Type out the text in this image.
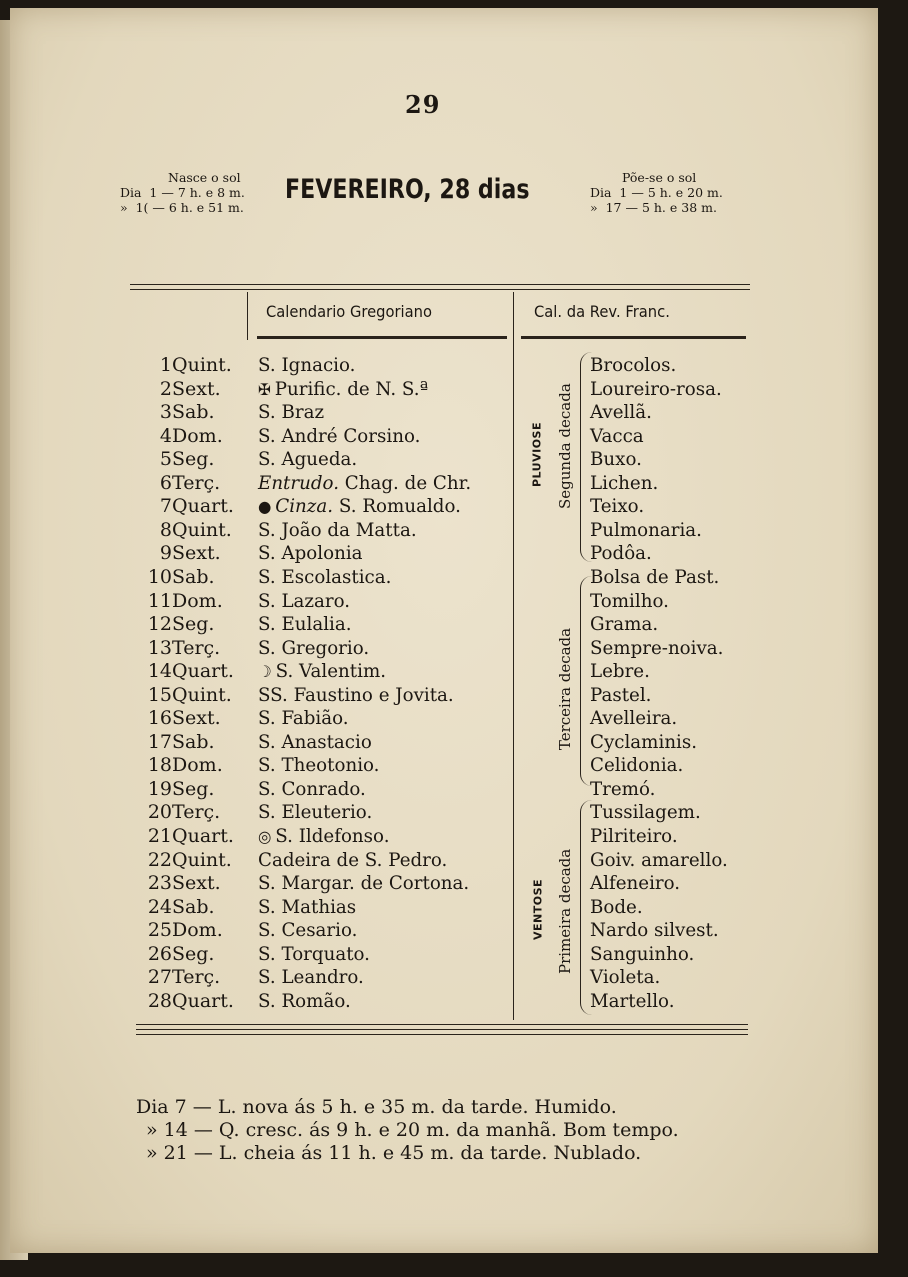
29
Nasce o sol
Dia  1 — 7 h. e 8 m.
»  1( — 6 h. e 51 m.
FEVEREIRO, 28 dias	Põe-se o sol
Dia  1 — 5 h. e 20 m.
»  17 — 5 h. e 38 m.
Calendario Gregoriano	Cal. da Rev. Franc.
1 Quint. S. Ignacio.	Brocolos.
2 Sext. ✠ Purific. de N. S.ª	Loureiro-rosa.
3 Sab. S. Braz	Avellã.
4 Dom. S. André Corsino.	Vacca
5 Seg. S. Agueda.	Buxo.
6 Terç. Entrudo. Chag. de Chr.	Lichen.
7 Quart. ● Cinza. S. Romualdo.	Teixo.
8 Quint. S. João da Matta.	Pulmonaria.
9 Sext. S. Apolonia	Podôa.
10 Sab. S. Escolastica.	Bolsa de Past.
11 Dom. S. Lazaro.	Tomilho.
12 Seg. S. Eulalia.	Grama.
13 Terç. S. Gregorio.	Sempre-noiva.
14 Quart. ☽ S. Valentim.	Lebre.
15 Quint. SS. Faustino e Jovita.	Pastel.
16 Sext. S. Fabião.	Avelleira.
17 Sab. S. Anastacio	Cyclaminis.
18 Dom. S. Theotonio.	Celidonia.
19 Seg. S. Conrado.	Tremó.
20 Terç. S. Eleuterio.	Tussilagem.
21 Quart. ◎ S. Ildefonso.	Pilriteiro.
22 Quint. Cadeira de S. Pedro.	Goiv. amarello.
23 Sext. S. Margar. de Cortona.	Alfeneiro.
24 Sab. S. Mathias	Bode.
25 Dom. S. Cesario.	Nardo silvest.
26 Seg. S. Torquato.	Sanguinho.
27 Terç. S. Leandro.	Violeta.
28 Quart. S. Romão.	Martello.
PLUVIOSE Segunda decada
Terceira decada
VENTOSE Primeira decada
Dia 7 — L. nova ás 5 h. e 35 m. da tarde. Humido.
» 14 — Q. cresc. ás 9 h. e 20 m. da manhã. Bom tempo.
» 21 — L. cheia ás 11 h. e 45 m. da tarde. Nublado.
